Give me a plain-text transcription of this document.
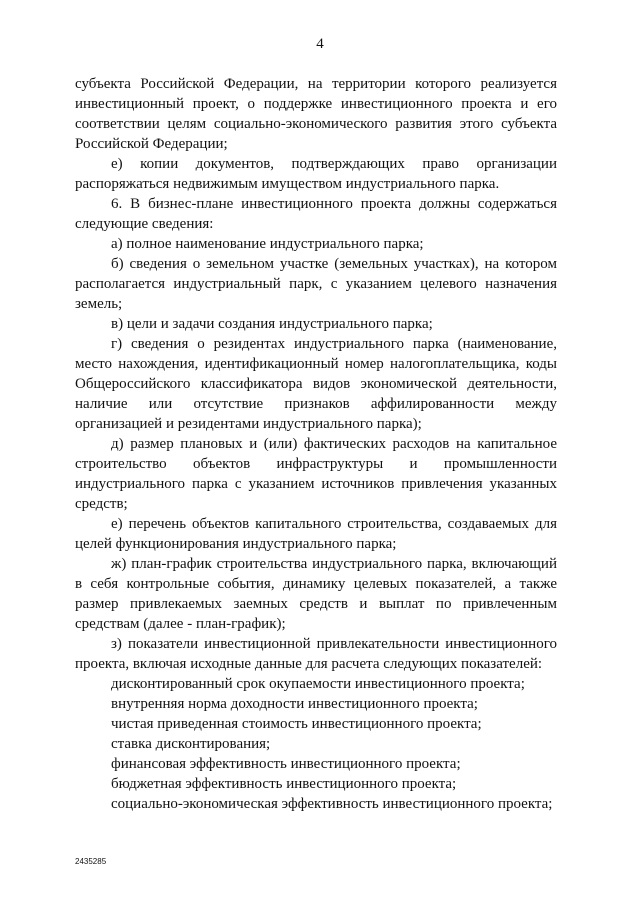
4

субъекта Российской Федерации, на территории которого реализуется инвестиционный проект, о поддержке инвестиционного проекта и его соответствии целям социально-экономического развития этого субъекта Российской Федерации;

е) копии документов, подтверждающих право организации распоряжаться недвижимым имуществом индустриального парка.

6. В бизнес-плане инвестиционного проекта должны содержаться следующие сведения:

а) полное наименование индустриального парка;

б) сведения о земельном участке (земельных участках), на котором располагается индустриальный парк, с указанием целевого назначения земель;

в) цели и задачи создания индустриального парка;

г) сведения о резидентах индустриального парка (наименование, место нахождения, идентификационный номер налогоплательщика, коды Общероссийского классификатора видов экономической деятельности, наличие или отсутствие признаков аффилированности между организацией и резидентами индустриального парка);

д) размер плановых и (или) фактических расходов на капитальное строительство объектов инфраструктуры и промышленности индустриального парка с указанием источников привлечения указанных средств;

е) перечень объектов капитального строительства, создаваемых для целей функционирования индустриального парка;

ж) план-график строительства индустриального парка, включающий в себя контрольные события, динамику целевых показателей, а также размер привлекаемых заемных средств и выплат по привлеченным средствам (далее - план-график);

з) показатели инвестиционной привлекательности инвестиционного проекта, включая исходные данные для расчета следующих показателей:

дисконтированный срок окупаемости инвестиционного проекта;

внутренняя норма доходности инвестиционного проекта;

чистая приведенная стоимость инвестиционного проекта;

ставка дисконтирования;

финансовая эффективность инвестиционного проекта;

бюджетная эффективность инвестиционного проекта;

социально-экономическая эффективность инвестиционного проекта;

2435285
